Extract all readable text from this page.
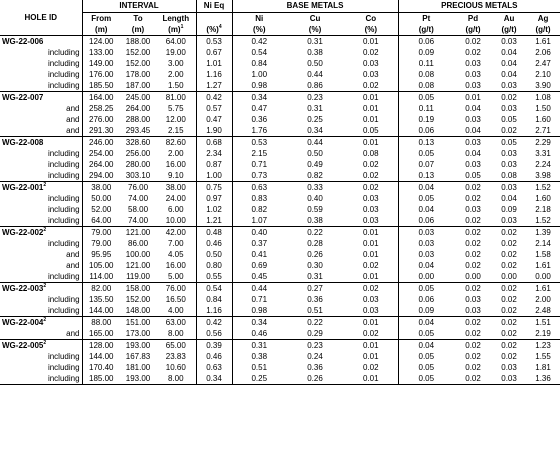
HOLE ID	INTERVAL			Ni Eq	BASE METALS			PRECIOUS METALS				
	From	To	Length		Ni	Cu	Co	Pt	Pd	Au	Ag	
	(m)	(m)	$(m)^1$	(%)$^4$	(%)	(%)	(%)	(g/t)	(g/t)	(g/t)	(g/t)	
WG-22-006	124.00	188.00	64.00	0.53	0.42	0.31	0.01	0.06	0.02	0.03	1.61	
including	133.00	152.00	19.00	0.67	0.54	0.38	0.02	0.09	0.02	0.04	2.06	
including	149.00	152.00	3.00	1.01	0.84	0.50	0.03	0.11	0.03	0.04	2.47	
including	176.00	178.00	2.00	1.16	1.00	0.44	0.03	0.08	0.03	0.04	2.10	
including	185.50	187.00	1.50	1.27	0.98	0.86	0.02	0.08	0.03	0.03	3.90	
WG-22-007	164.00	245.00	81.00	0.42	0.34	0.23	0.01	0.05	0.01	0.02	1.08	
and	258.25	264.00	5.75	0.57	0.47	0.31	0.01	0.11	0.04	0.03	1.50	
and	276.00	288.00	12.00	0.47	0.36	0.25	0.01	0.19	0.03	0.05	1.60	
and	291.30	293.45	2.15	1.90	1.76	0.34	0.05	0.06	0.04	0.02	2.71	
WG-22-008	246.00	328.60	82.60	0.68	0.53	0.44	0.01	0.13	0.03	0.05	2.29	
including	254.00	256.00	2.00	2.34	2.15	0.50	0.08	0.05	0.04	0.03	3.31	
including	264.00	280.00	16.00	0.87	0.71	0.49	0.02	0.07	0.03	0.03	2.24	
including	294.00	303.10	9.10	1.00	0.73	0.82	0.02	0.13	0.05	0.08	3.98	
$WG-22-001^2$	38.00	76.00	38.00	0.75	0.63	0.33	0.02	0.04	0.02	0.03	1.52	
including	50.00	74.00	24.00	0.97	0.83	0.40	0.03	0.05	0.02	0.04	1.60	
including	52.00	58.00	6.00	1.02	0.82	0.59	0.03	0.04	0.03	0.09	2.18	
including	64.00	74.00	10.00	1.21	1.07	0.38	0.03	0.06	0.02	0.03	1.52	
$WG-22-002^2$	79.00	121.00	42.00	0.48	0.40	0.22	0.01	0.03	0.02	0.02	1.39	
including	79.00	86.00	7.00	0.46	0.37	0.28	0.01	0.03	0.02	0.02	2.14	
and	95.95	100.00	4.05	0.50	0.41	0.26	0.01	0.03	0.02	0.02	1.58	
and	105.00	121.00	16.00	0.80	0.69	0.30	0.02	0.04	0.02	0.02	1.61	
including	114.00	119.00	5.00	0.55	0.45	0.31	0.01	0.00	0.00	0.00	0.00	
$WG-22-003^2$	82.00	158.00	76.00	0.54	0.44	0.27	0.02	0.05	0.02	0.02	1.61	
including	135.50	152.00	16.50	0.84	0.71	0.36	0.03	0.06	0.03	0.02	2.00	
including	144.00	148.00	4.00	1.16	0.98	0.51	0.03	0.09	0.03	0.02	2.48	
$WG-22-004^2$	88.00	151.00	63.00	0.42	0.34	0.22	0.01	0.04	0.02	0.02	1.51	
and	165.00	173.00	8.00	0.56	0.46	0.29	0.02	0.05	0.02	0.02	2.19	
$WG-22-005^2$	128.00	193.00	65.00	0.39	0.31	0.23	0.01	0.04	0.02	0.02	1.23	
including	144.00	167.83	23.83	0.46	0.38	0.24	0.01	0.05	0.02	0.02	1.55	
including	170.40	181.00	10.60	0.63	0.51	0.36	0.02	0.05	0.02	0.03	1.81	
including	185.00	193.00	8.00	0.34	0.25	0.26	0.01	0.05	0.02	0.03	1.36	
